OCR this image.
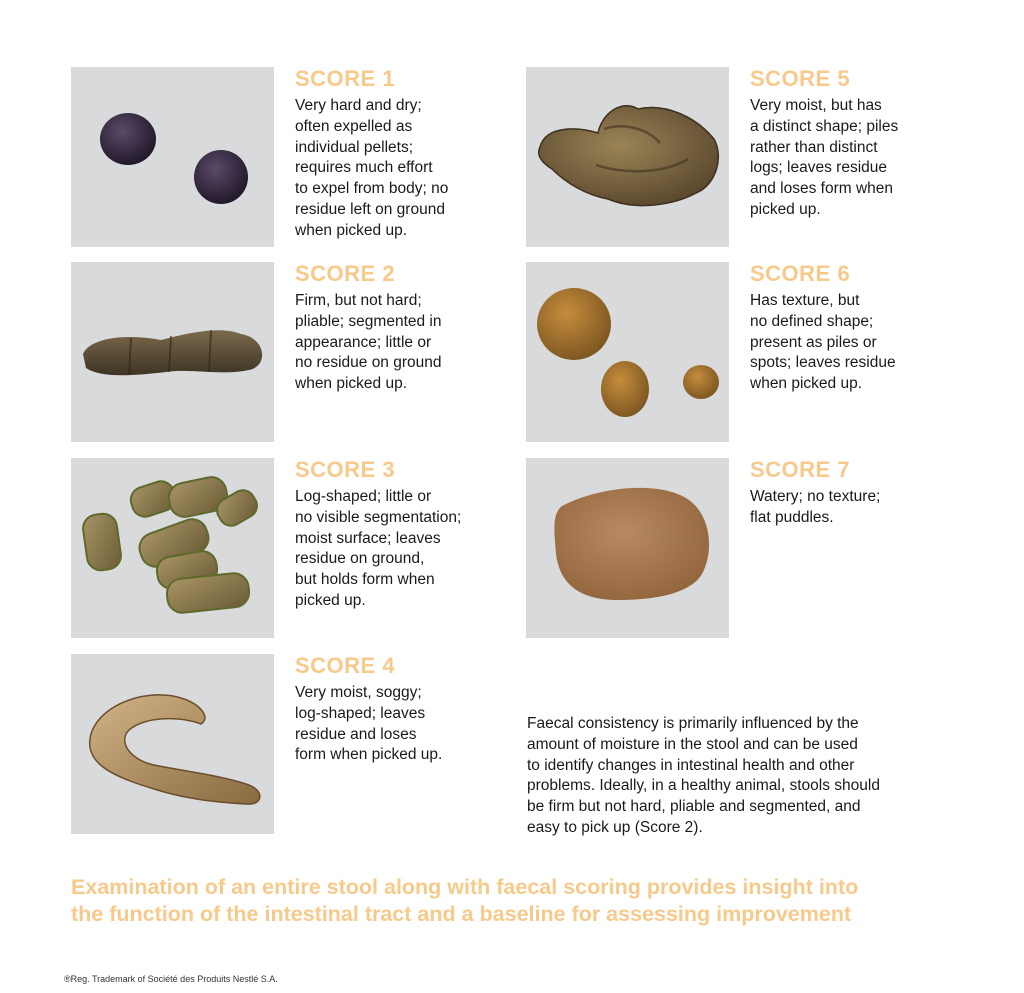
SCORE 1

Very hard and dry;
often expelled as
individual pellets;
requires much effort
to expel from body; no
residue left on ground
when picked up.

SCORE 2

Firm, but not hard;
pliable; segmented in
appearance; little or
no residue on ground
when picked up.

SCORE 3

Log-shaped; little or
no visible segmentation;
moist surface; leaves
residue on ground,
but holds form when
picked up.

SCORE 4

Very moist, soggy;
log-shaped; leaves
residue and loses
form when picked up.

SCORE 5

Very moist, but has
a distinct shape; piles
rather than distinct
logs; leaves residue
and loses form when
picked up.

SCORE 6

Has texture, but
no defined shape;
present as piles or
spots; leaves residue
when picked up.

SCORE 7

Watery; no texture;
flat puddles.

Faecal consistency is primarily influenced by the
amount of moisture in the stool and can be used
to identify changes in intestinal health and other
problems. Ideally, in a healthy animal, stools should
be firm but not hard, pliable and segmented, and
easy to pick up (Score 2).

Examination of an entire stool along with faecal scoring provides insight into
the function of the intestinal tract and a baseline for assessing improvement

®Reg. Trademark of Société des Produits Nestlé S.A.
